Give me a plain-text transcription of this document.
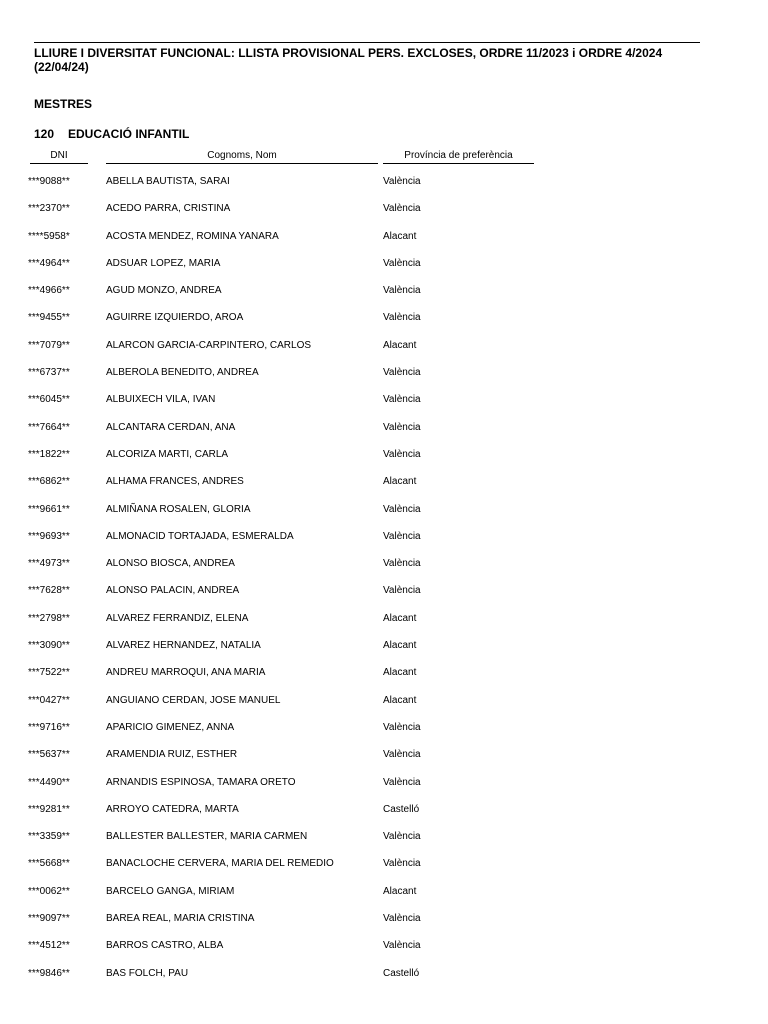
LLIURE I DIVERSITAT FUNCIONAL: LLISTA PROVISIONAL PERS. EXCLOSES, ORDRE 11/2023 i ORDRE 4/2024 (22/04/24)
MESTRES
120 EDUCACIÓ INFANTIL
DNI	Cognoms, Nom	Província de preferència
***9088**	ABELLA BAUTISTA, SARAI	València
***2370**	ACEDO PARRA, CRISTINA	València
****5958*	ACOSTA MENDEZ, ROMINA YANARA	Alacant
***4964**	ADSUAR LOPEZ, MARIA	València
***4966**	AGUD MONZO, ANDREA	València
***9455**	AGUIRRE IZQUIERDO, AROA	València
***7079**	ALARCON GARCIA-CARPINTERO, CARLOS	Alacant
***6737**	ALBEROLA BENEDITO, ANDREA	València
***6045**	ALBUIXECH VILA, IVAN	València
***7664**	ALCANTARA CERDAN, ANA	València
***1822**	ALCORIZA MARTI, CARLA	València
***6862**	ALHAMA FRANCES, ANDRES	Alacant
***9661**	ALMIÑANA ROSALEN, GLORIA	València
***9693**	ALMONACID TORTAJADA, ESMERALDA	València
***4973**	ALONSO BIOSCA, ANDREA	València
***7628**	ALONSO PALACIN, ANDREA	València
***2798**	ALVAREZ FERRANDIZ, ELENA	Alacant
***3090**	ALVAREZ HERNANDEZ, NATALIA	Alacant
***7522**	ANDREU MARROQUI, ANA MARIA	Alacant
***0427**	ANGUIANO CERDAN, JOSE MANUEL	Alacant
***9716**	APARICIO GIMENEZ, ANNA	València
***5637**	ARAMENDIA RUIZ, ESTHER	València
***4490**	ARNANDIS ESPINOSA, TAMARA ORETO	València
***9281**	ARROYO CATEDRA, MARTA	Castelló
***3359**	BALLESTER BALLESTER, MARIA CARMEN	València
***5668**	BANACLOCHE CERVERA, MARIA DEL REMEDIO	València
***0062**	BARCELO GANGA, MIRIAM	Alacant
***9097**	BAREA REAL, MARIA CRISTINA	València
***4512**	BARROS CASTRO, ALBA	València
***9846**	BAS FOLCH, PAU	Castelló
